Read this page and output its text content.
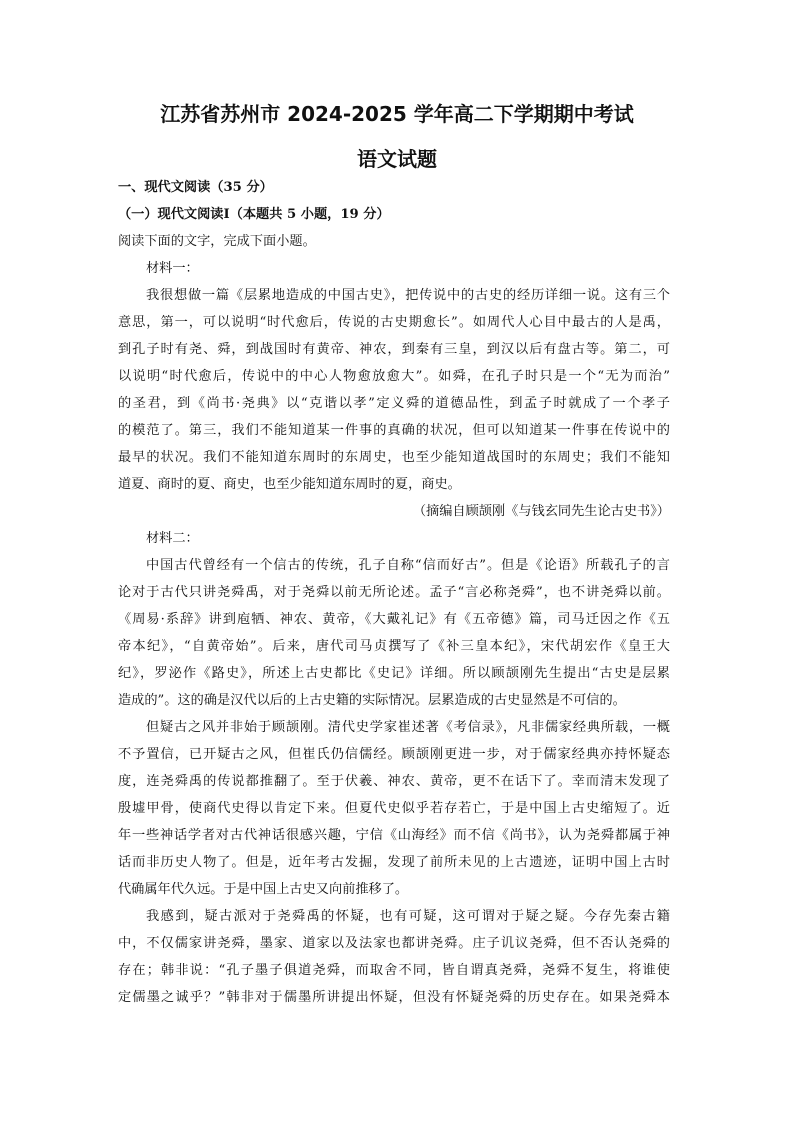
江苏省苏州市 2024-2025 学年高二下学期期中考试
语文试题
一、现代文阅读（35 分）
（一）现代文阅读Ⅰ（本题共 5 小题，19 分）
阅读下面的文字，完成下面小题。
材料一：
我很想做一篇《层累地造成的中国古史》，把传说中的古史的经历详细一说。这有三个
意思，第一，可以说明“时代愈后，传说的古史期愈长”。如周代人心目中最古的人是禹，
到孔子时有尧、舜，到战国时有黄帝、神农，到秦有三皇，到汉以后有盘古等。第二，可
以说明“时代愈后，传说中的中心人物愈放愈大”。如舜，在孔子时只是一个“无为而治”
的圣君，到《尚书·尧典》以“克谐以孝”定义舜的道德品性，到孟子时就成了一个孝子
的模范了。第三，我们不能知道某一件事的真确的状况，但可以知道某一件事在传说中的
最早的状况。我们不能知道东周时的东周史，也至少能知道战国时的东周史；我们不能知
道夏、商时的夏、商史，也至少能知道东周时的夏，商史。
（摘编自顾颉刚《与钱玄同先生论古史书》）
材料二：
中国古代曾经有一个信古的传统，孔子自称“信而好古”。但是《论语》所载孔子的言
论对于古代只讲尧舜禹，对于尧舜以前无所论述。孟子“言必称尧舜”，也不讲尧舜以前。
《周易·系辞》讲到庖牺、神农、黄帝，《大戴礼记》有《五帝德》篇，司马迁因之作《五
帝本纪》，“自黄帝始”。后来，唐代司马贞撰写了《补三皇本纪》，宋代胡宏作《皇王大
纪》，罗泌作《路史》，所述上古史都比《史记》详细。所以顾颉刚先生提出“古史是层累
造成的”。这的确是汉代以后的上古史籍的实际情况。层累造成的古史显然是不可信的。
但疑古之风并非始于顾颉刚。清代史学家崔述著《考信录》，凡非儒家经典所载，一概
不予置信，已开疑古之风，但崔氏仍信儒经。顾颉刚更进一步，对于儒家经典亦持怀疑态
度，连尧舜禹的传说都推翻了。至于伏羲、神农、黄帝，更不在话下了。幸而清末发现了
殷墟甲骨，使商代史得以肯定下来。但夏代史似乎若存若亡，于是中国上古史缩短了。近
年一些神话学者对古代神话很感兴趣，宁信《山海经》而不信《尚书》，认为尧舜都属于神
话而非历史人物了。但是，近年考古发掘，发现了前所未见的上古遗迹，证明中国上古时
代确属年代久远。于是中国上古史又向前推移了。
我感到，疑古派对于尧舜禹的怀疑，也有可疑，这可谓对于疑之疑。今存先秦古籍
中，不仅儒家讲尧舜，墨家、道家以及法家也都讲尧舜。庄子讥议尧舜，但不否认尧舜的
存在；韩非说：“孔子墨子俱道尧舜，而取舍不同，皆自谓真尧舜，尧舜不复生，将谁使
定儒墨之诚乎？”韩非对于儒墨所讲提出怀疑，但没有怀疑尧舜的历史存在。如果尧舜本
